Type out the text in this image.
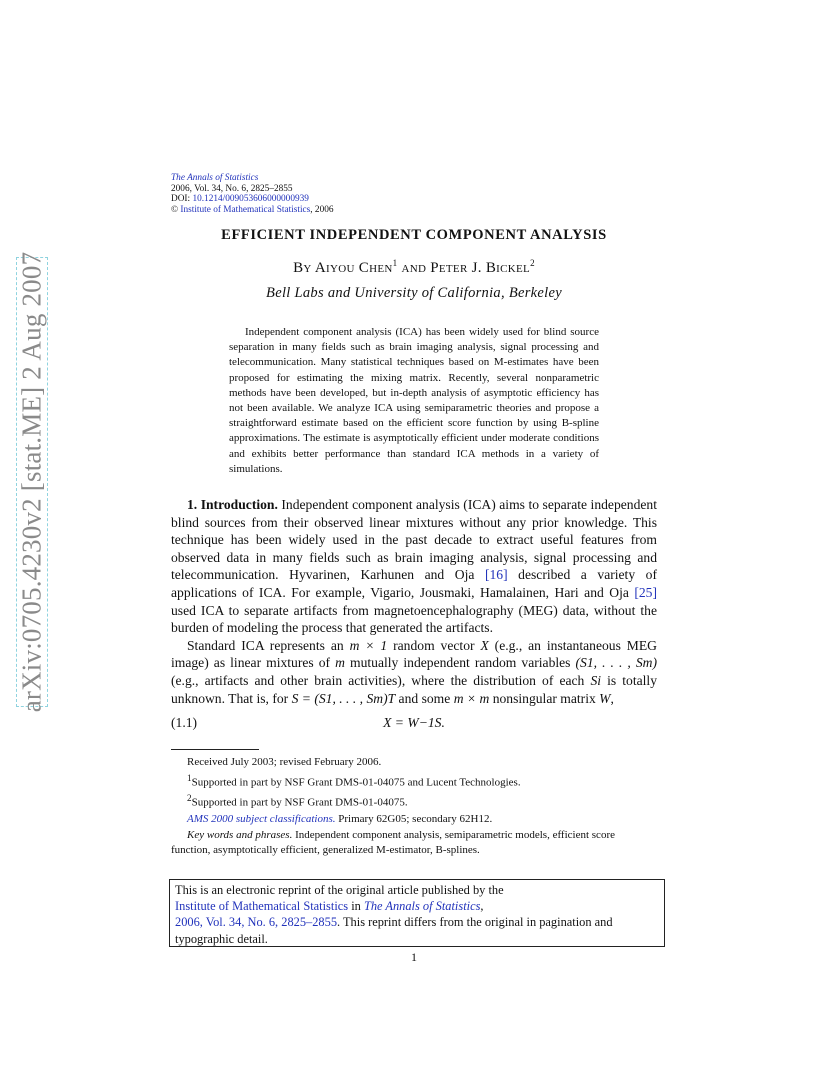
arXiv:0705.4230v2 [stat.ME] 2 Aug 2007
The Annals of Statistics
2006, Vol. 34, No. 6, 2825–2855
DOI: 10.1214/009053606000000939
© Institute of Mathematical Statistics, 2006
EFFICIENT INDEPENDENT COMPONENT ANALYSIS
By Aiyou Chen$^1$ and Peter J. Bickel$^2$
Bell Labs and University of California, Berkeley

Independent component analysis (ICA) has been widely used for blind source separation in many fields such as brain imaging analysis, signal processing and telecommunication. Many statistical techniques based on M-estimates have been proposed for estimating the mixing matrix. Recently, several nonparametric methods have been developed, but in-depth analysis of asymptotic efficiency has not been available. We analyze ICA using semiparametric theories and propose a straightforward estimate based on the efficient score function by using B-spline approximations. The estimate is asymptotically efficient under moderate conditions and exhibits better performance than standard ICA methods in a variety of simulations.

1. Introduction. Independent component analysis (ICA) aims to separate independent blind sources from their observed linear mixtures without any prior knowledge. This technique has been widely used in the past decade to extract useful features from observed data in many fields such as brain imaging analysis, signal processing and telecommunication. Hyvarinen, Karhunen and Oja [16] described a variety of applications of ICA. For example, Vigario, Jousmaki, Hamalainen, Hari and Oja [25] used ICA to separate artifacts from magnetoencephalography (MEG) data, without the burden of modeling the process that generated the artifacts.

Standard ICA represents an m × 1 random vector X (e.g., an instantaneous MEG image) as linear mixtures of m mutually independent random variables (S1, . . . , Sm) (e.g., artifacts and other brain activities), where the distribution of each Si is totally unknown. That is, for S = (S1, . . . , Sm)T and some m × m nonsingular matrix W,

(1.1)	X = W−1S.

Received July 2003; revised February 2006.

$^1$Supported in part by NSF Grant DMS-01-04075 and Lucent Technologies.

$^2$Supported in part by NSF Grant DMS-01-04075.

AMS 2000 subject classifications. Primary 62G05; secondary 62H12.

Key words and phrases. Independent component analysis, semiparametric models, efficient score function, asymptotically efficient, generalized M-estimator, B-splines.

This is an electronic reprint of the original article published by the
Institute of Mathematical Statistics in The Annals of Statistics,
2006, Vol. 34, No. 6, 2825–2855. This reprint differs from the original in pagination and typographic detail.
1
